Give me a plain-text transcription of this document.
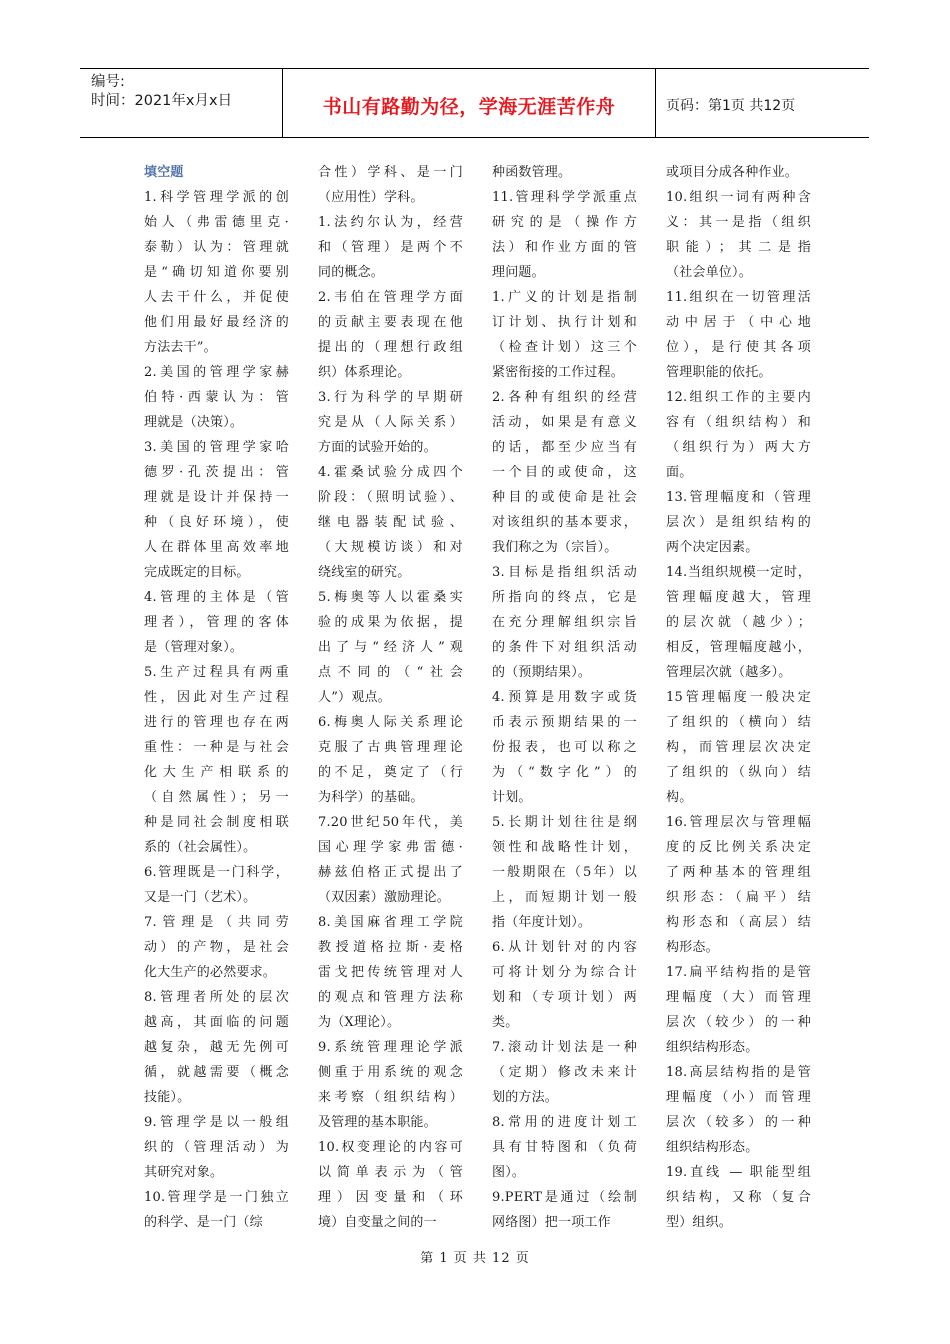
编号:
时间：2021年x月x日	书山有路勤为径，学海无涯苦作舟	页码：第1页 共12页
填空题
1.科学管理学派的创
始人（弗雷德里克·
泰勒）认为：管理就
是“确切知道你要别
人去干什么，并促使
他们用最好最经济的
方法去干”。
2.美国的管理学家赫
伯特·西蒙认为：管
理就是（决策）。
3.美国的管理学家哈
德罗·孔茨提出：管
理就是设计并保持一
种（良好环境），使
人在群体里高效率地
完成既定的目标。
4.管理的主体是（管
理者），管理的客体
是（管理对象）。
5.生产过程具有两重
性，因此对生产过程
进行的管理也存在两
重性：一种是与社会
化大生产相联系的
（自然属性）；另一
种是同社会制度相联
系的（社会属性）。
6.管理既是一门科学，
又是一门（艺术）。
7.管理是（共同劳
动）的产物，是社会
化大生产的必然要求。
8.管理者所处的层次
越高，其面临的问题
越复杂，越无先例可
循，就越需要（概念
技能）。
9.管理学是以一般组
织的（管理活动）为
其研究对象。
10.管理学是一门独立
的科学、是一门（综
合性）学科、是一门
（应用性）学科。
1.法约尔认为，经营
和（管理）是两个不
同的概念。
2.韦伯在管理学方面
的贡献主要表现在他
提出的（理想行政组
织）体系理论。
3.行为科学的早期研
究是从（人际关系）
方面的试验开始的。
4.霍桑试验分成四个
阶段：（照明试验）、
继电器装配试验、
（大规模访谈）和对
绕线室的研究。
5.梅奥等人以霍桑实
验的成果为依据，提
出了与“经济人”观
点不同的（“社会
人”）观点。
6.梅奥人际关系理论
克服了古典管理理论
的不足，奠定了（行
为科学）的基础。
7.20世纪50年代，美
国心理学家弗雷德·
赫兹伯格正式提出了
（双因素）激励理论。
8.美国麻省理工学院
教授道格拉斯·麦格
雷戈把传统管理对人
的观点和管理方法称
为（X理论）。
9.系统管理理论学派
侧重于用系统的观念
来考察（组织结构）
及管理的基本职能。
10.权变理论的内容可
以简单表示为（管
理）因变量和（环
境）自变量之间的一
种函数管理。
11.管理科学学派重点
研究的是（操作方
法）和作业方面的管
理问题。
1.广义的计划是指制
订计划、执行计划和
（检查计划）这三个
紧密衔接的工作过程。
2.各种有组织的经营
活动，如果是有意义
的话，都至少应当有
一个目的或使命，这
种目的或使命是社会
对该组织的基本要求，
我们称之为（宗旨）。
3.目标是指组织活动
所指向的终点，它是
在充分理解组织宗旨
的条件下对组织活动
的（预期结果）。
4.预算是用数字或货
币表示预期结果的一
份报表，也可以称之
为（“数字化”）的
计划。
5.长期计划往往是纲
领性和战略性计划，
一般期限在（5年）以
上，而短期计划一般
指（年度计划）。
6.从计划针对的内容
可将计划分为综合计
划和（专项计划）两
类。
7.滚动计划法是一种
（定期）修改未来计
划的方法。
8.常用的进度计划工
具有甘特图和（负荷
图）。
9.PERT是通过（绘制
网络图）把一项工作
或项目分成各种作业。
10.组织一词有两种含
义：其一是指（组织
职能）；其二是指
（社会单位）。
11.组织在一切管理活
动中居于（中心地
位），是行使其各项
管理职能的依托。
12.组织工作的主要内
容有（组织结构）和
（组织行为）两大方
面。
13.管理幅度和（管理
层次）是组织结构的
两个决定因素。
14.当组织规模一定时，
管理幅度越大，管理
的层次就（越少）；
相反，管理幅度越小，
管理层次就（越多）。
15管理幅度一般决定
了组织的（横向）结
构，而管理层次决定
了组织的（纵向）结
构。
16.管理层次与管理幅
度的反比例关系决定
了两种基本的管理组
织形态：（扁平）结
构形态和（高层）结
构形态。
17.扁平结构指的是管
理幅度（大）而管理
层次（较少）的一种
组织结构形态。
18.高层结构指的是管
理幅度（小）而管理
层次（较多）的一种
组织结构形态。
19.直线 — 职能型组
织结构，又称（复合
型）组织。
第 1 页 共 12 页
